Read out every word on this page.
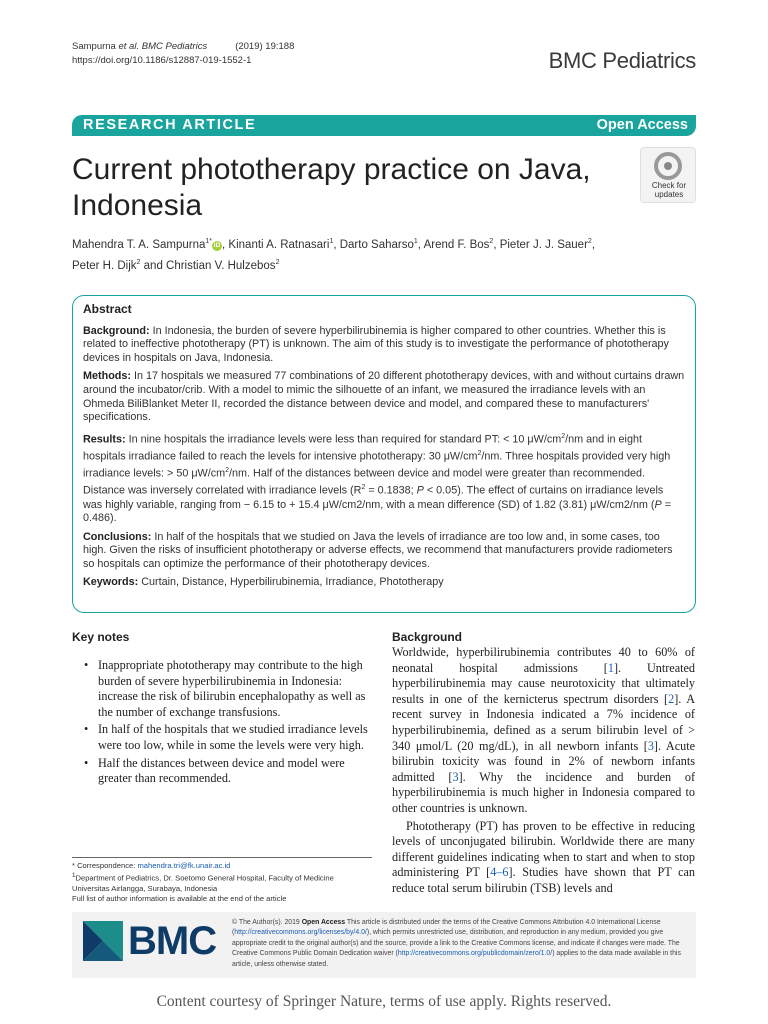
Sampurna et al. BMC Pediatrics	(2019) 19:188
https://doi.org/10.1186/s12887-019-1552-1	BMC Pediatrics
RESEARCH ARTICLE	Open Access
Current phototherapy practice on Java, Indonesia
Check for
updates
Mahendra T. A. Sampurna$^{1*}$iD , Kinanti A. Ratnasari$^1$, Darto Saharso$^1$, Arend F. Bos$^2$, Pieter J. J. Sauer$^2$,
Peter H. Dijk$^2$ and Christian V. Hulzebos$^2$
Abstract

Background: In Indonesia, the burden of severe hyperbilirubinemia is higher compared to other countries. Whether this is related to ineffective phototherapy (PT) is unknown. The aim of this study is to investigate the performance of phototherapy devices in hospitals on Java, Indonesia.

Methods: In 17 hospitals we measured 77 combinations of 20 different phototherapy devices, with and without curtains drawn around the incubator/crib. With a model to mimic the silhouette of an infant, we measured the irradiance levels with an Ohmeda BiliBlanket Meter II, recorded the distance between device and model, and compared these to manufacturers' specifications.

Results: In nine hospitals the irradiance levels were less than required for standard PT: < 10 $\mu W/cm^2/nm$ and in eight hospitals irradiance failed to reach the levels for intensive phototherapy: 30 $\mu W/cm^2/nm$. Three hospitals provided very high irradiance levels: > 50 $\mu W/cm^2/nm$. Half of the distances between device and model were greater than recommended. Distance was inversely correlated with irradiance levels ($R^2 = 0.1838$; P < 0.05). The effect of curtains on irradiance levels was highly variable, ranging from − 6.15 to + 15.4 μW/cm2/nm, with a mean difference (SD) of 1.82 (3.81) μW/cm2/nm (P = 0.486).

Conclusions: In half of the hospitals that we studied on Java the levels of irradiance are too low and, in some cases, too high. Given the risks of insufficient phototherapy or adverse effects, we recommend that manufacturers provide radiometers so hospitals can optimize the performance of their phototherapy devices.

Keywords: Curtain, Distance, Hyperbilirubinemia, Irradiance, Phototherapy

Key notes
• Inappropriate phototherapy may contribute to the high burden of severe hyperbilirubinemia in Indonesia: increase the risk of bilirubin encephalopathy as well as the number of exchange transfusions.
• In half of the hospitals that we studied irradiance levels were too low, while in some the levels were very high.
• Half the distances between device and model were greater than recommended.
Background

Worldwide, hyperbilirubinemia contributes 40 to 60% of neonatal hospital admissions [1]. Untreated hyperbilirubinemia may cause neurotoxicity that ultimately results in one of the kernicterus spectrum disorders [2]. A recent survey in Indonesia indicated a 7% incidence of hyperbilirubinemia, defined as a serum bilirubin level of > 340 μmol/L (20 mg/dL), in all newborn infants [3]. Acute bilirubin toxicity was found in 2% of newborn infants admitted [3]. Why the incidence and burden of hyperbilirubinemia is much higher in Indonesia compared to other countries is unknown.

Phototherapy (PT) has proven to be effective in reducing levels of unconjugated bilirubin. Worldwide there are many different guidelines indicating when to start and when to stop administering PT [4–6]. Studies have shown that PT can reduce total serum bilirubin (TSB) levels and

* Correspondence: mahendra.tri@fk.unair.ac.id
$^1$Department of Pediatrics, Dr. Soetomo General Hospital, Faculty of Medicine Universitas Airlangga, Surabaya, Indonesia
Full list of author information is available at the end of the article
BMC © The Author(s). 2019 Open Access This article is distributed under the terms of the Creative Commons Attribution 4.0 International License (http://creativecommons.org/licenses/by/4.0/), which permits unrestricted use, distribution, and reproduction in any medium, provided you give appropriate credit to the original author(s) and the source, provide a link to the Creative Commons license, and indicate if changes were made. The Creative Commons Public Domain Dedication waiver (http://creativecommons.org/publicdomain/zero/1.0/) applies to the data made available in this article, unless otherwise stated.
Content courtesy of Springer Nature, terms of use apply. Rights reserved.
